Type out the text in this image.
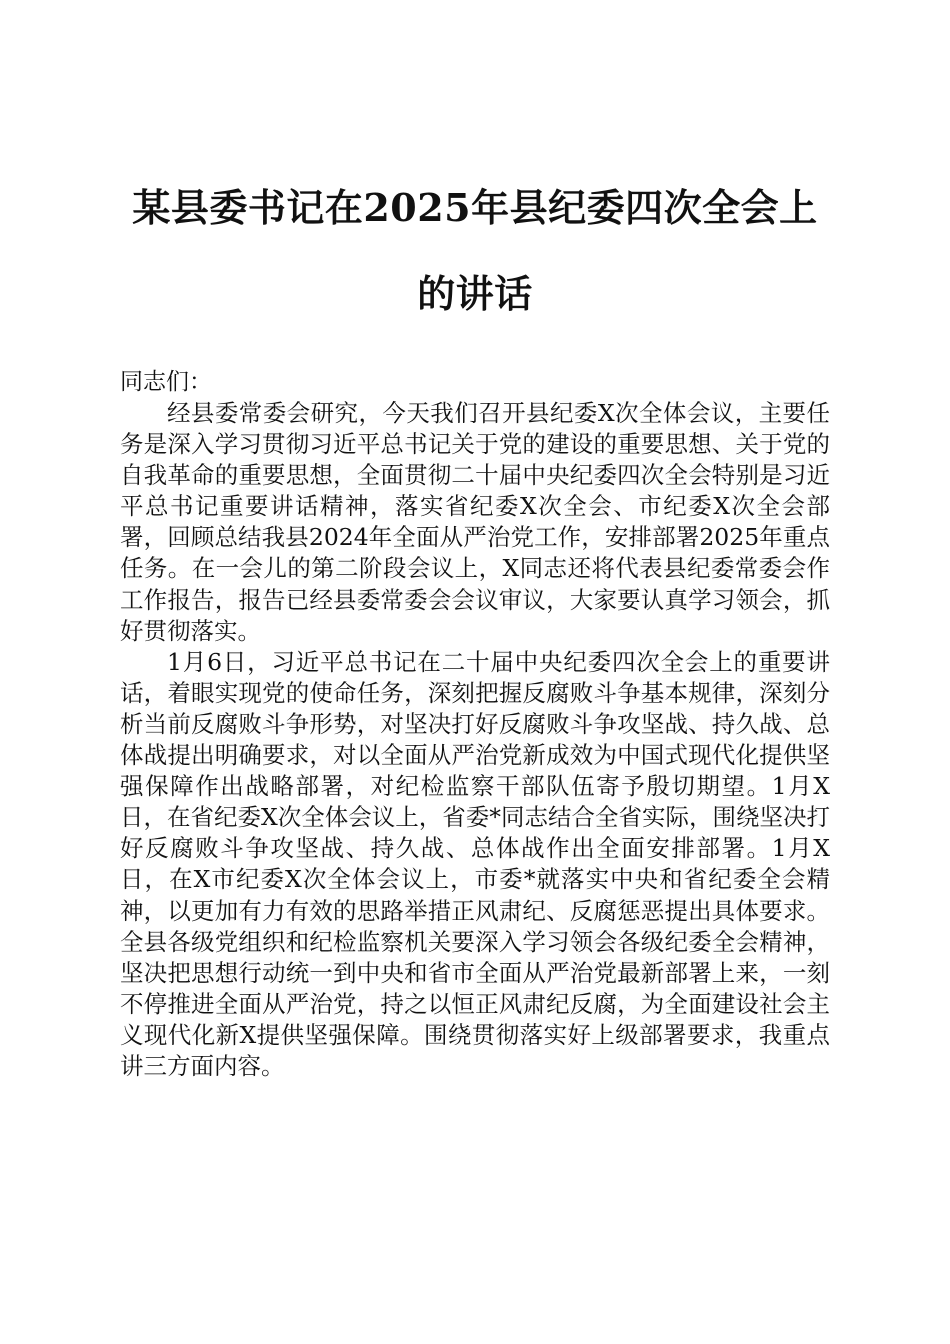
某县委书记在2025年县纪委四次全会上的讲话

同志们：

经县委常委会研究，今天我们召开县纪委X次全体会议，主要任务是深入学习贯彻习近平总书记关于党的建设的重要思想、关于党的自我革命的重要思想，全面贯彻二十届中央纪委四次全会特别是习近平总书记重要讲话精神，落实省纪委X次全会、市纪委X次全会部署，回顾总结我县2024年全面从严治党工作，安排部署2025年重点任务。在一会儿的第二阶段会议上，X同志还将代表县纪委常委会作工作报告，报告已经县委常委会会议审议，大家要认真学习领会，抓好贯彻落实。

1月6日，习近平总书记在二十届中央纪委四次全会上的重要讲话，着眼实现党的使命任务，深刻把握反腐败斗争基本规律，深刻分析当前反腐败斗争形势，对坚决打好反腐败斗争攻坚战、持久战、总体战提出明确要求，对以全面从严治党新成效为中国式现代化提供坚强保障作出战略部署，对纪检监察干部队伍寄予殷切期望。1月X日，在省纪委X次全体会议上，省委*同志结合全省实际，围绕坚决打好反腐败斗争攻坚战、持久战、总体战作出全面安排部署。1月X日，在X市纪委X次全体会议上，市委*就落实中央和省纪委全会精神，以更加有力有效的思路举措正风肃纪、反腐惩恶提出具体要求。全县各级党组织和纪检监察机关要深入学习领会各级纪委全会精神，坚决把思想行动统一到中央和省市全面从严治党最新部署上来，一刻不停推进全面从严治党，持之以恒正风肃纪反腐，为全面建设社会主义现代化新X提供坚强保障。围绕贯彻落实好上级部署要求，我重点讲三方面内容。
